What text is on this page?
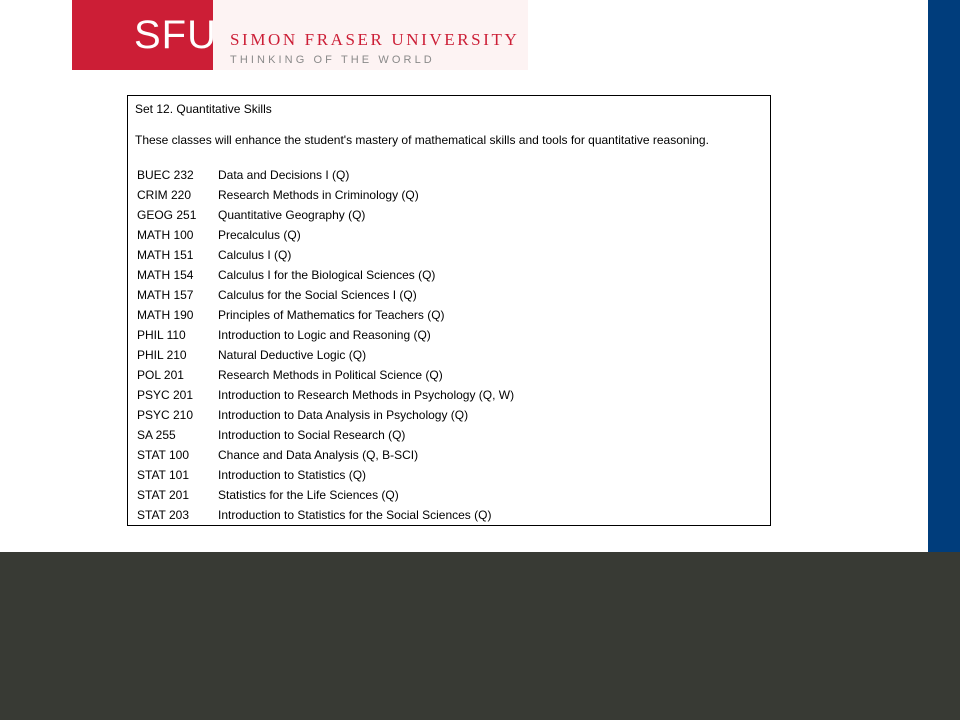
SFU SIMON FRASER UNIVERSITY
THINKING OF THE WORLD
Set 12. Quantitative Skills
These classes will enhance the student's mastery of mathematical skills and tools for quantitative reasoning.
BUEC 232	Data and Decisions I (Q)
CRIM 220	Research Methods in Criminology (Q)
GEOG 251	Quantitative Geography (Q)
MATH 100	Precalculus (Q)
MATH 151	Calculus I (Q)
MATH 154	Calculus I for the Biological Sciences (Q)
MATH 157	Calculus for the Social Sciences I (Q)
MATH 190	Principles of Mathematics for Teachers (Q)
PHIL 110	Introduction to Logic and Reasoning (Q)
PHIL 210	Natural Deductive Logic (Q)
POL 201	Research Methods in Political Science (Q)
PSYC 201	Introduction to Research Methods in Psychology (Q, W)
PSYC 210	Introduction to Data Analysis in Psychology (Q)
SA 255	Introduction to Social Research (Q)
STAT 100	Chance and Data Analysis (Q, B-SCI)
STAT 101	Introduction to Statistics (Q)
STAT 201	Statistics for the Life Sciences (Q)
STAT 203	Introduction to Statistics for the Social Sciences (Q)
